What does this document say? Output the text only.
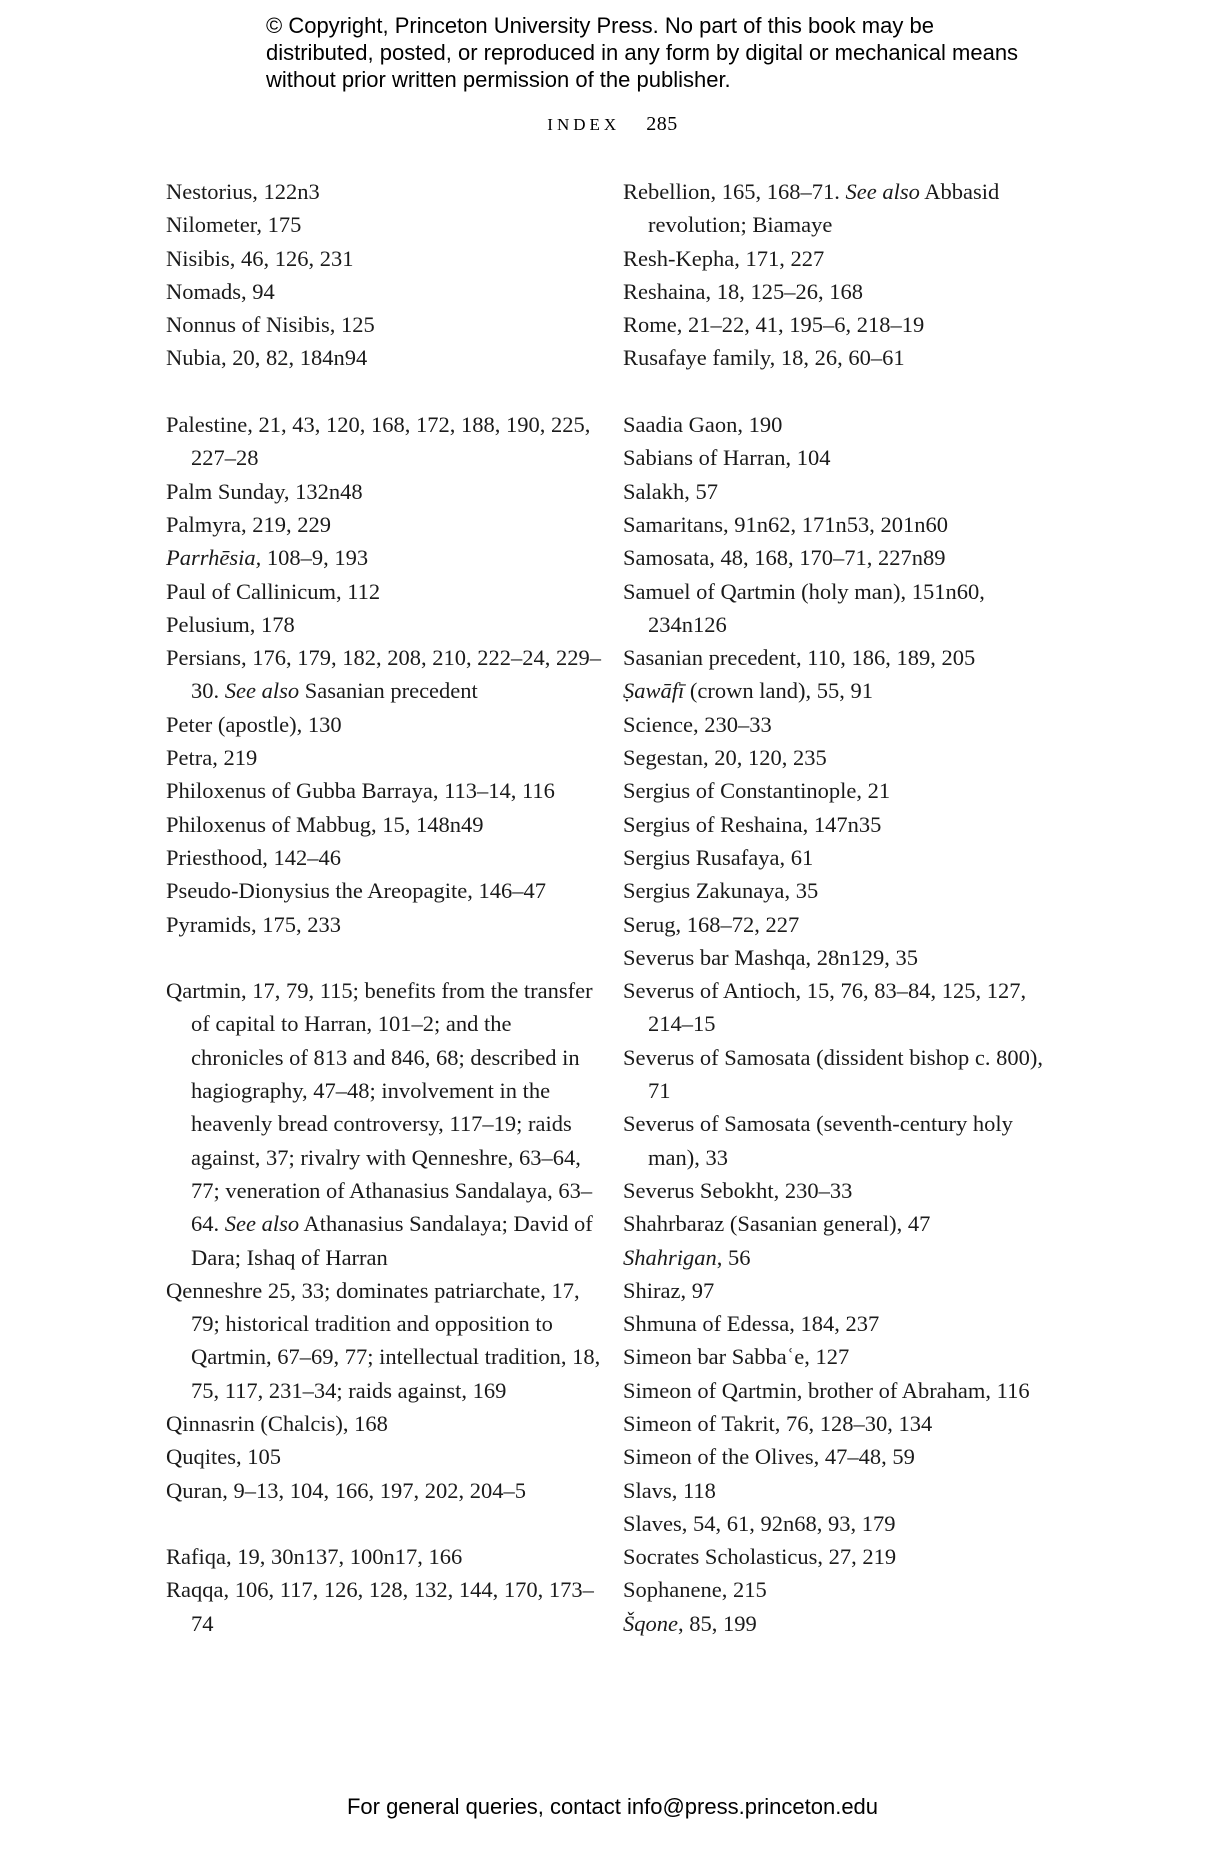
© Copyright, Princeton University Press. No part of this book may be distributed, posted, or reproduced in any form by digital or mechanical means without prior written permission of the publisher.
INDEX 285
Nestorius, 122n3
Nilometer, 175
Nisibis, 46, 126, 231
Nomads, 94
Nonnus of Nisibis, 125
Nubia, 20, 82, 184n94
Palestine, 21, 43, 120, 168, 172, 188, 190, 225, 227–28
Palm Sunday, 132n48
Palmyra, 219, 229
Parrhēsia, 108–9, 193
Paul of Callinicum, 112
Pelusium, 178
Persians, 176, 179, 182, 208, 210, 222–24, 229–30. See also Sasanian precedent
Peter (apostle), 130
Petra, 219
Philoxenus of Gubba Barraya, 113–14, 116
Philoxenus of Mabbug, 15, 148n49
Priesthood, 142–46
Pseudo-Dionysius the Areopagite, 146–47
Pyramids, 175, 233
Qartmin, 17, 79, 115; benefits from the transfer of capital to Harran, 101–2; and the chronicles of 813 and 846, 68; described in hagiography, 47–48; involvement in the heavenly bread controversy, 117–19; raids against, 37; rivalry with Qenneshre, 63–64, 77; veneration of Athanasius Sandalaya, 63–64. See also Athanasius Sandalaya; David of Dara; Ishaq of Harran
Qenneshre 25, 33; dominates patriarchate, 17, 79; historical tradition and opposition to Qartmin, 67–69, 77; intellectual tradition, 18, 75, 117, 231–34; raids against, 169
Qinnasrin (Chalcis), 168
Quqites, 105
Quran, 9–13, 104, 166, 197, 202, 204–5
Rafiqa, 19, 30n137, 100n17, 166
Raqqa, 106, 117, 126, 128, 132, 144, 170, 173–74
Rebellion, 165, 168–71. See also Abbasid revolution; Biamaye
Resh-Kepha, 171, 227
Reshaina, 18, 125–26, 168
Rome, 21–22, 41, 195–6, 218–19
Rusafaye family, 18, 26, 60–61
Saadia Gaon, 190
Sabians of Harran, 104
Salakh, 57
Samaritans, 91n62, 171n53, 201n60
Samosata, 48, 168, 170–71, 227n89
Samuel of Qartmin (holy man), 151n60, 234n126
Sasanian precedent, 110, 186, 189, 205
Ṣawāfī (crown land), 55, 91
Science, 230–33
Segestan, 20, 120, 235
Sergius of Constantinople, 21
Sergius of Reshaina, 147n35
Sergius Rusafaya, 61
Sergius Zakunaya, 35
Serug, 168–72, 227
Severus bar Mashqa, 28n129, 35
Severus of Antioch, 15, 76, 83–84, 125, 127, 214–15
Severus of Samosata (dissident bishop c. 800), 71
Severus of Samosata (seventh-century holy man), 33
Severus Sebokht, 230–33
Shahrbaraz (Sasanian general), 47
Shahrigan, 56
Shiraz, 97
Shmuna of Edessa, 184, 237
Simeon bar Sabbaʿe, 127
Simeon of Qartmin, brother of Abraham, 116
Simeon of Takrit, 76, 128–30, 134
Simeon of the Olives, 47–48, 59
Slavs, 118
Slaves, 54, 61, 92n68, 93, 179
Socrates Scholasticus, 27, 219
Sophanene, 215
Šqone, 85, 199
For general queries, contact info@press.princeton.edu
